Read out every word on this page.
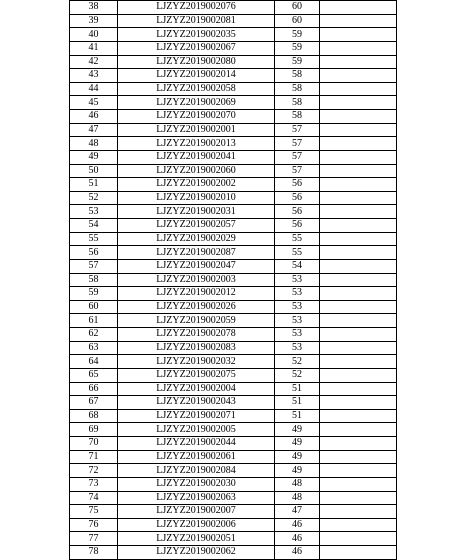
38	LJZYZ2019002076	60	
39	LJZYZ2019002081	60	
40	LJZYZ2019002035	59	
41	LJZYZ2019002067	59	
42	LJZYZ2019002080	59	
43	LJZYZ2019002014	58	
44	LJZYZ2019002058	58	
45	LJZYZ2019002069	58	
46	LJZYZ2019002070	58	
47	LJZYZ2019002001	57	
48	LJZYZ2019002013	57	
49	LJZYZ2019002041	57	
50	LJZYZ2019002060	57	
51	LJZYZ2019002002	56	
52	LJZYZ2019002010	56	
53	LJZYZ2019002031	56	
54	LJZYZ2019002057	56	
55	LJZYZ2019002029	55	
56	LJZYZ2019002087	55	
57	LJZYZ2019002047	54	
58	LJZYZ2019002003	53	
59	LJZYZ2019002012	53	
60	LJZYZ2019002026	53	
61	LJZYZ2019002059	53	
62	LJZYZ2019002078	53	
63	LJZYZ2019002083	53	
64	LJZYZ2019002032	52	
65	LJZYZ2019002075	52	
66	LJZYZ2019002004	51	
67	LJZYZ2019002043	51	
68	LJZYZ2019002071	51	
69	LJZYZ2019002005	49	
70	LJZYZ2019002044	49	
71	LJZYZ2019002061	49	
72	LJZYZ2019002084	49	
73	LJZYZ2019002030	48	
74	LJZYZ2019002063	48	
75	LJZYZ2019002007	47	
76	LJZYZ2019002006	46	
77	LJZYZ2019002051	46	
78	LJZYZ2019002062	46	
